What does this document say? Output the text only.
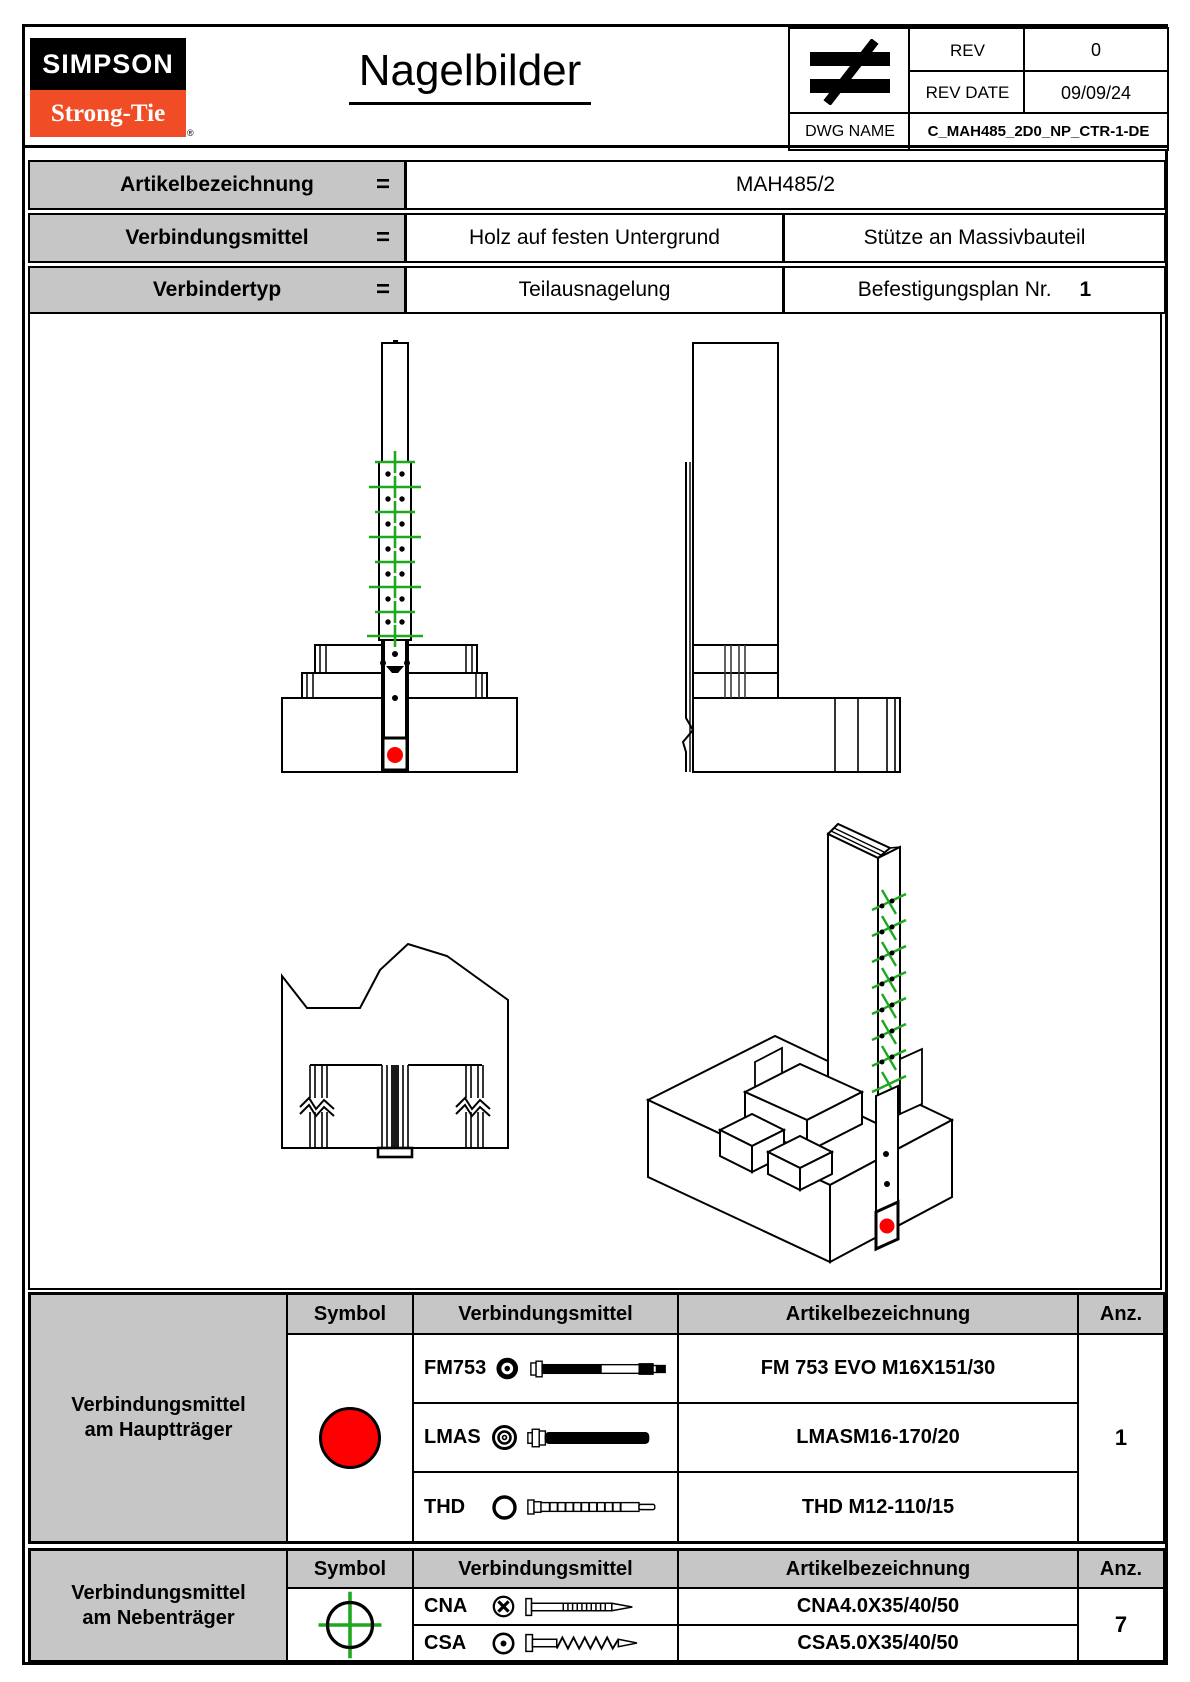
SIMPSON
Strong-Tie
®
Nagelbilder	REV	0
REV DATE	09/09/24
DWG NAME C_MAH485_2D0_NP_CTR-1-DE
Artikelbezeichnung	=	MAH485/2
Verbindungsmittel	=	Holz auf festen Untergrund	Stütze an Massivbauteil
Verbindertyp	=	Teilausnagelung	Befestigungsplan Nr. 1
Verbindungsmittel
am Hauptträger
Symbol	Verbindungsmittel	Artikelbezeichnung	Anz.
FM753	FM 753 EVO M16X151/30
LMAS	LMASM16-170/20
THD	THD M12-110/15
1
Verbindungsmittel
am Nebenträger
Symbol	Verbindungsmittel	Artikelbezeichnung	Anz.
CNA	CNA4.0X35/40/50
CSA	CSA5.0X35/40/50
7
